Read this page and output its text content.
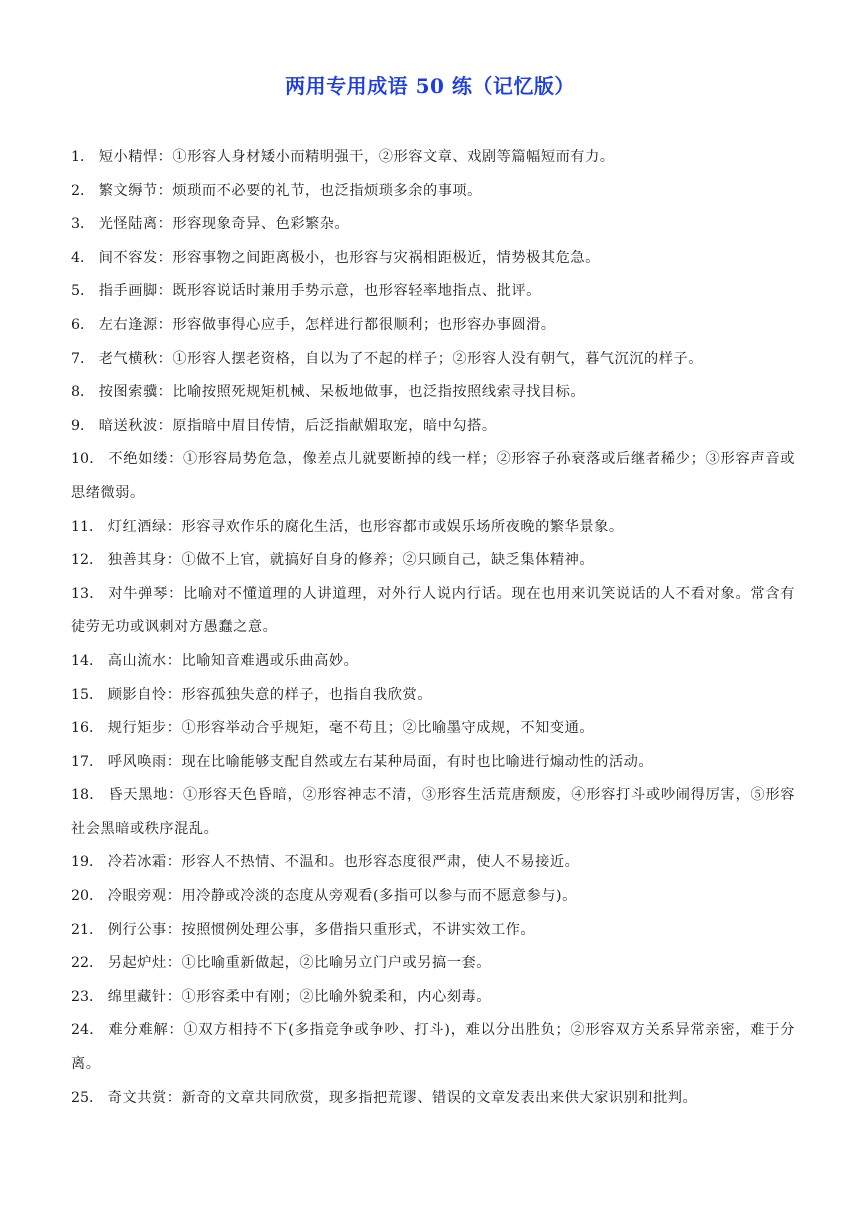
两用专用成语 50 练（记忆版）
1． 短小精悍：①形容人身材矮小而精明强干，②形容文章、戏剧等篇幅短而有力。
2． 繁文缛节：烦琐而不必要的礼节，也泛指烦琐多余的事项。
3． 光怪陆离：形容现象奇异、色彩繁杂。
4． 间不容发：形容事物之间距离极小，也形容与灾祸相距极近，情势极其危急。
5． 指手画脚：既形容说话时兼用手势示意，也形容轻率地指点、批评。
6． 左右逢源：形容做事得心应手，怎样进行都很顺利；也形容办事圆滑。
7． 老气横秋：①形容人摆老资格，自以为了不起的样子；②形容人没有朝气，暮气沉沉的样子。
8． 按图索骥：比喻按照死规矩机械、呆板地做事，也泛指按照线索寻找目标。
9． 暗送秋波：原指暗中眉目传情，后泛指献媚取宠，暗中勾搭。
10． 不绝如缕：①形容局势危急，像差点儿就要断掉的线一样；②形容子孙衰落或后继者稀少；③形容声音或思绪微弱。
11． 灯红酒绿：形容寻欢作乐的腐化生活，也形容都市或娱乐场所夜晚的繁华景象。
12． 独善其身：①做不上官，就搞好自身的修养；②只顾自己，缺乏集体精神。
13． 对牛弹琴：比喻对不懂道理的人讲道理，对外行人说内行话。现在也用来讥笑说话的人不看对象。常含有徒劳无功或讽刺对方愚蠢之意。
14． 高山流水：比喻知音难遇或乐曲高妙。
15． 顾影自怜：形容孤独失意的样子，也指自我欣赏。
16． 规行矩步：①形容举动合乎规矩，毫不苟且；②比喻墨守成规，不知变通。
17． 呼风唤雨：现在比喻能够支配自然或左右某种局面，有时也比喻进行煽动性的活动。
18． 昏天黑地：①形容天色昏暗，②形容神志不清，③形容生活荒唐颓废，④形容打斗或吵闹得厉害，⑤形容社会黑暗或秩序混乱。
19． 冷若冰霜：形容人不热情、不温和。也形容态度很严肃，使人不易接近。
20． 冷眼旁观：用冷静或冷淡的态度从旁观看(多指可以参与而不愿意参与)。
21． 例行公事：按照惯例处理公事，多借指只重形式，不讲实效工作。
22． 另起炉灶：①比喻重新做起，②比喻另立门户或另搞一套。
23． 绵里藏针：①形容柔中有刚；②比喻外貌柔和，内心刻毒。
24． 难分难解：①双方相持不下(多指竞争或争吵、打斗)，难以分出胜负；②形容双方关系异常亲密，难于分离。
25． 奇文共赏：新奇的文章共同欣赏，现多指把荒谬、错误的文章发表出来供大家识别和批判。
